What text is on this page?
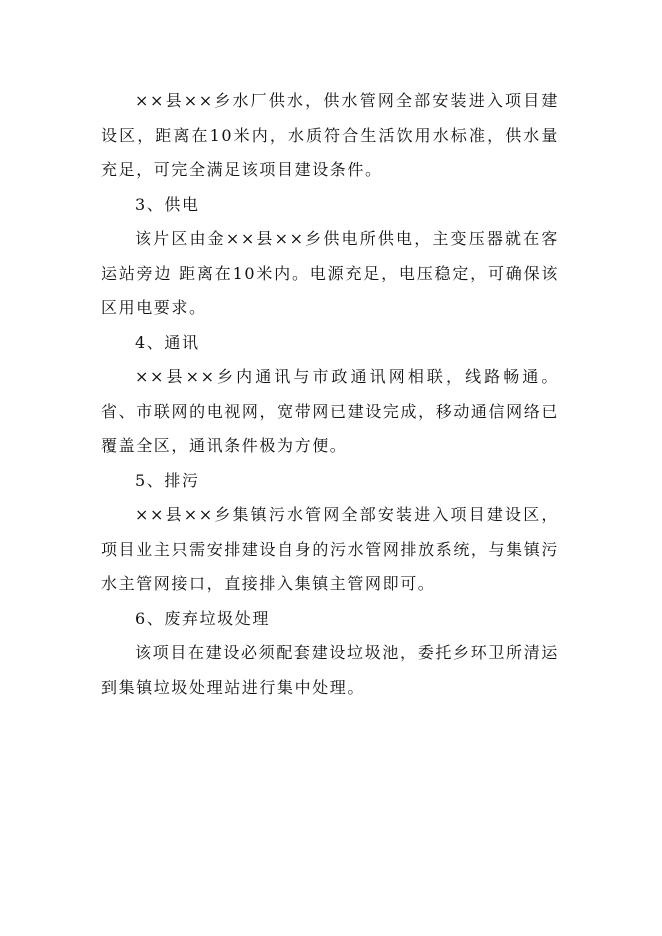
××县××乡水厂供水，供水管网全部安装进入项目建设区，距离在10米内，水质符合生活饮用水标准，供水量充足，可完全满足该项目建设条件。

3、供电

该片区由金××县××乡供电所供电，主变压器就在客运站旁边 距离在10米内。电源充足，电压稳定，可确保该区用电要求。

4、通讯

××县××乡内通讯与市政通讯网相联，线路畅通。省、市联网的电视网，宽带网已建设完成，移动通信网络已覆盖全区，通讯条件极为方便。

5、排污

××县××乡集镇污水管网全部安装进入项目建设区，项目业主只需安排建设自身的污水管网排放系统，与集镇污水主管网接口，直接排入集镇主管网即可。

6、废弃垃圾处理

该项目在建设必须配套建设垃圾池，委托乡环卫所清运到集镇垃圾处理站进行集中处理。
